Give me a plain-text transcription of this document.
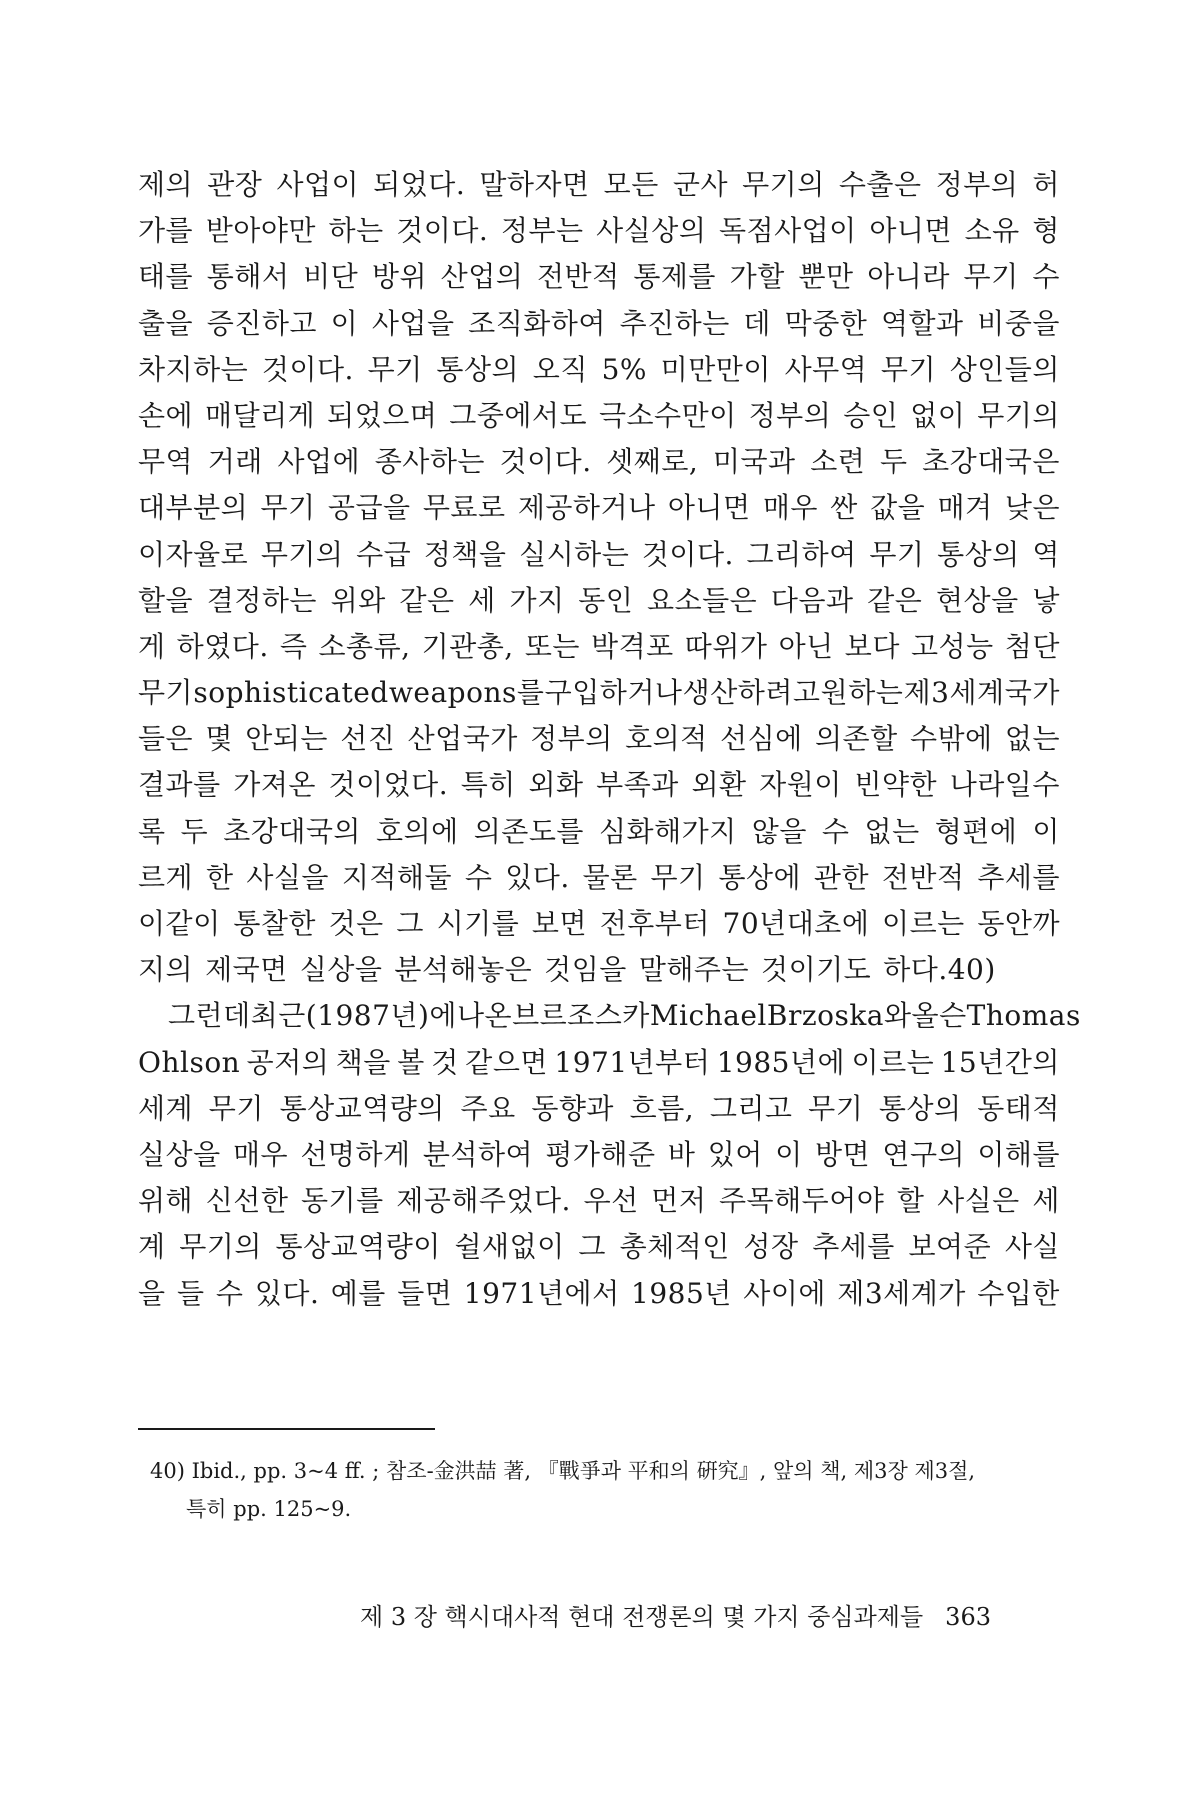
제의 관장 사업이 되었다. 말하자면 모든 군사 무기의 수출은 정부의 허
가를 받아야만 하는 것이다. 정부는 사실상의 독점사업이 아니면 소유 형
태를 통해서 비단 방위 산업의 전반적 통제를 가할 뿐만 아니라 무기 수
출을 증진하고 이 사업을 조직화하여 추진하는 데 막중한 역할과 비중을
차지하는 것이다. 무기 통상의 오직 5% 미만만이 사무역 무기 상인들의
손에 매달리게 되었으며 그중에서도 극소수만이 정부의 승인 없이 무기의
무역 거래 사업에 종사하는 것이다. 셋째로, 미국과 소련 두 초강대국은
대부분의 무기 공급을 무료로 제공하거나 아니면 매우 싼 값을 매겨 낮은
이자율로 무기의 수급 정책을 실시하는 것이다. 그리하여 무기 통상의 역
할을 결정하는 위와 같은 세 가지 동인 요소들은 다음과 같은 현상을 낳
게 하였다. 즉 소총류, 기관총, 또는 박격포 따위가 아닌 보다 고성능 첨단
무기 sophisticated weapons를 구입하거나 생산하려고 원하는 제3세계 국가
들은 몇 안되는 선진 산업국가 정부의 호의적 선심에 의존할 수밖에 없는
결과를 가져온 것이었다. 특히 외화 부족과 외환 자원이 빈약한 나라일수
록 두 초강대국의 호의에 의존도를 심화해가지 않을 수 없는 형편에 이
르게 한 사실을 지적해둘 수 있다. 물론 무기 통상에 관한 전반적 추세를
이같이 통찰한 것은 그 시기를 보면 전후부터 70년대초에 이르는 동안까
지의 제국면 실상을 분석해놓은 것임을 말해주는 것이기도 하다.40)
그런데 최근(1987년)에 나온 브르조스카 Michael Brzoska와 올슨 Thomas
Ohlson 공저의 책을 볼 것 같으면 1971년부터 1985년에 이르는 15년간의
세계 무기 통상교역량의 주요 동향과 흐름, 그리고 무기 통상의 동태적
실상을 매우 선명하게 분석하여 평가해준 바 있어 이 방면 연구의 이해를
위해 신선한 동기를 제공해주었다. 우선 먼저 주목해두어야 할 사실은 세
계 무기의 통상교역량이 쉴새없이 그 총체적인 성장 추세를 보여준 사실
을 들 수 있다. 예를 들면 1971년에서 1985년 사이에 제3세계가 수입한
40) Ibid., pp. 3~4 ff. ; 참조-金洪喆 著, 『戰爭과 平和의 硏究』, 앞의 책, 제3장 제3절,
특히 pp. 125~9.
제 3 장 핵시대사적 현대 전쟁론의 몇 가지 중심과제들 363
